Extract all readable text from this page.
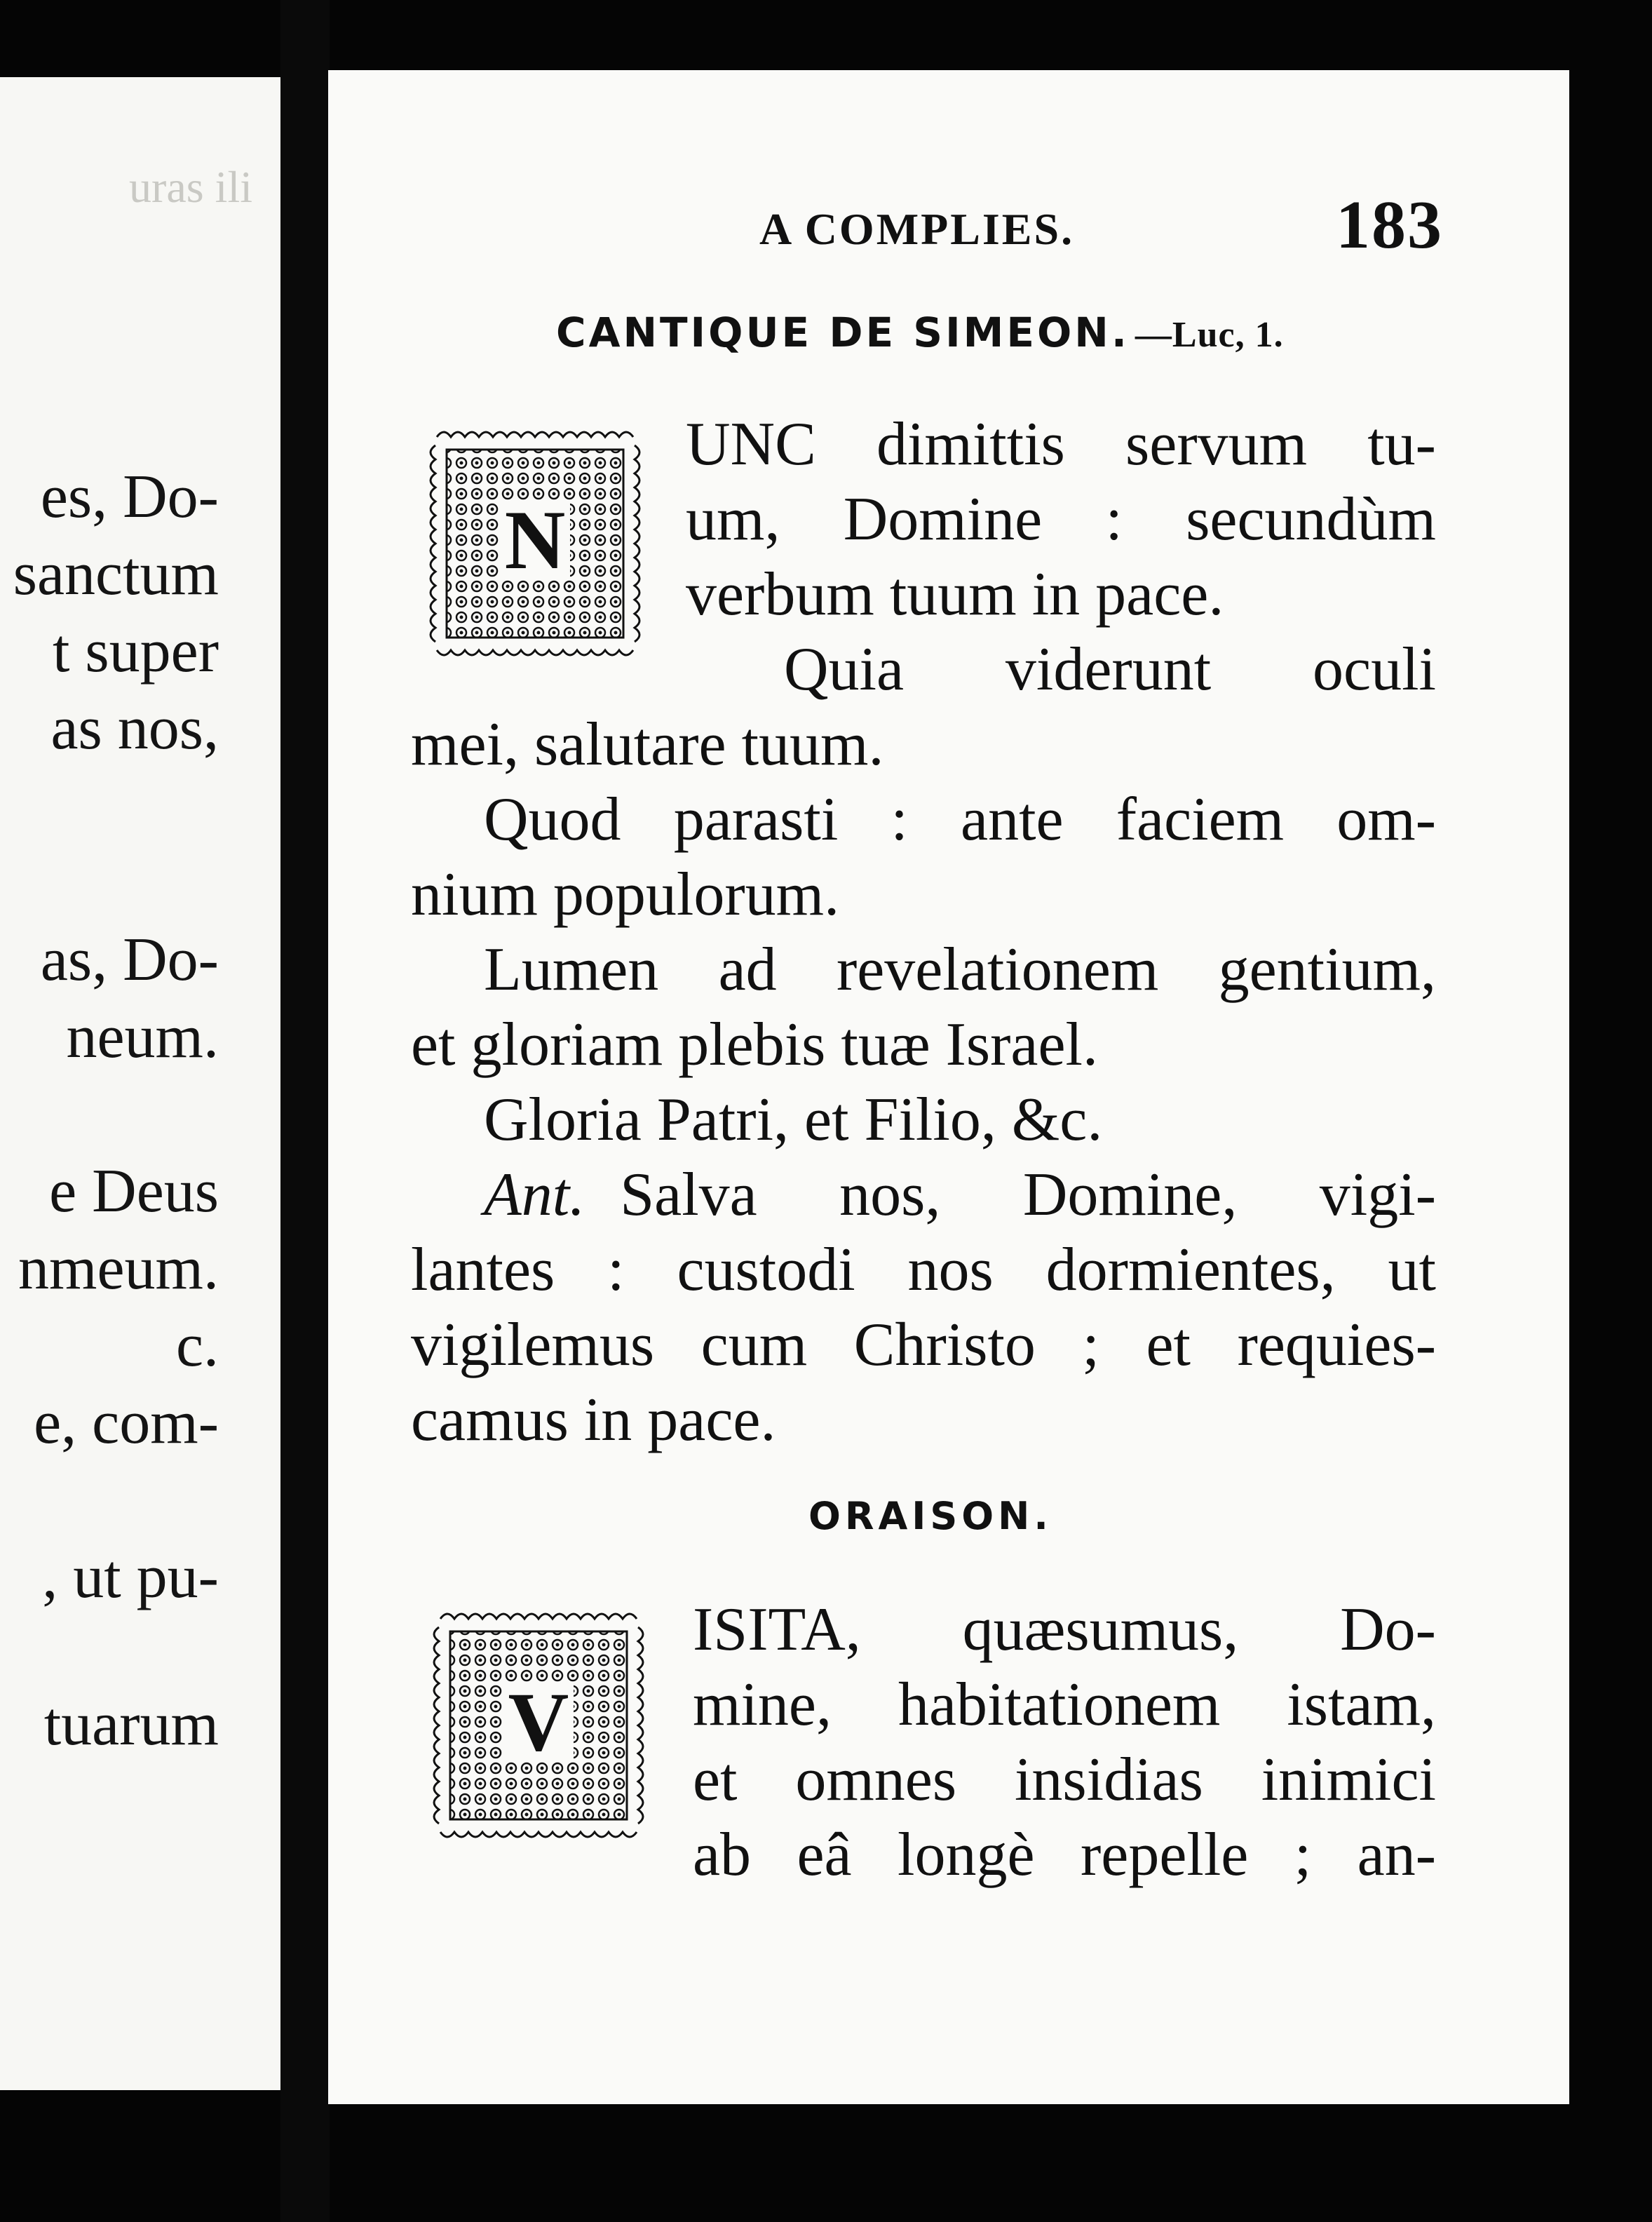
uras ili
es, Do-
sanctum
t super
as nos,
as, Do-
neum.
e Deus
nmeum.
c.
e, com-
, ut pu-
tuarum
A COMPLIES.	183
CANTIQUE DE SIMEON. —Luc, 1.
N
UNC dimittis servum tu-
um, Domine : secundùm
verbum tuum in pace.
Quia viderunt oculi
mei, salutare tuum.
Quod parasti : ante faciem om-
nium populorum.
Lumen ad revelationem gentium,
et gloriam plebis tuæ Israel.
Gloria Patri, et Filio, &c.
Ant. Salva nos, Domine, vigi-
lantes : custodi nos dormientes, ut
vigilemus cum Christo ; et requies-
camus in pace.
ORAISON.
V
ISITA, quæsumus, Do-
mine, habitationem istam,
et omnes insidias inimici
ab eâ longè repelle ; an-
